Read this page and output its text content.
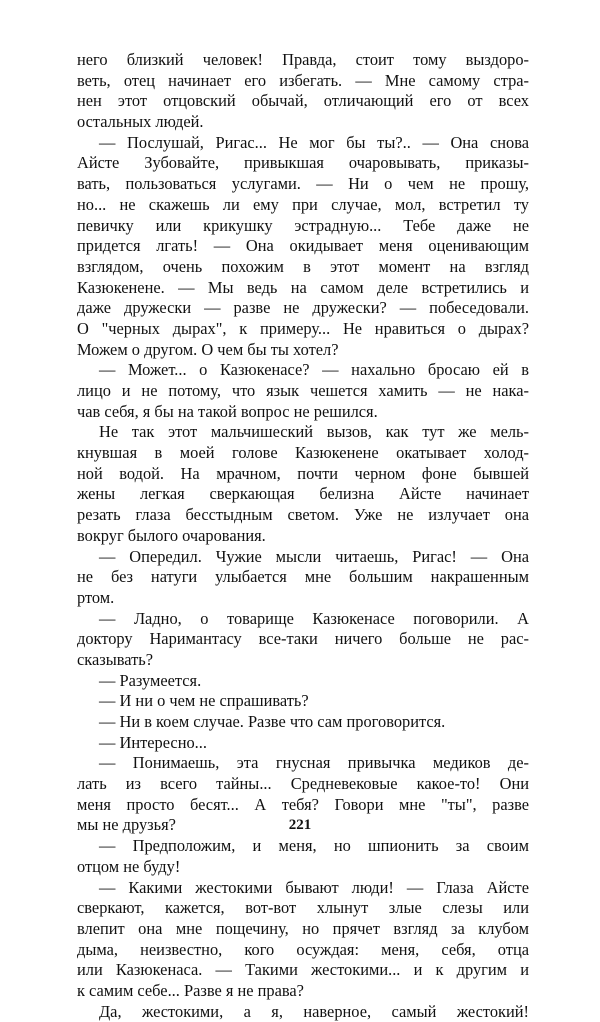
него близкий человек! Правда, стоит тому выздоро-
веть, отец начинает его избегать. — Мне самому стра-
нен этот отцовский обычай, отличающий его от всех
остальных людей.
— Послушай, Ригас... Не мог бы ты?.. — Она снова
Айсте Зубовайте, привыкшая очаровывать, приказы-
вать, пользоваться услугами. — Ни о чем не прошу,
но... не скажешь ли ему при случае, мол, встретил ту
певичку или крикушку эстрадную... Тебе даже не
придется лгать! — Она окидывает меня оценивающим
взглядом, очень похожим в этот момент на взгляд
Казюкенене. — Мы ведь на самом деле встретились и
даже дружески — разве не дружески? — побеседовали.
О "черных дырах", к примеру... Не нравиться о дырах?
Можем о другом. О чем бы ты хотел?
— Может... о Казюкенасе? — нахально бросаю ей в
лицо и не потому, что язык чешется хамить — не нака-
чав себя, я бы на такой вопрос не решился.
Не так этот мальчишеский вызов, как тут же мель-
кнувшая в моей голове Казюкенене окатывает холод-
ной водой. На мрачном, почти черном фоне бывшей
жены легкая сверкающая белизна Айсте начинает
резать глаза бесстыдным светом. Уже не излучает она
вокруг былого очарования.
— Опередил. Чужие мысли читаешь, Ригас! — Она
не без натуги улыбается мне большим накрашенным
ртом.
— Ладно, о товарище Казюкенасе поговорили. А
доктору Наримантасу все-таки ничего больше не рас-
сказывать?
— Разумеется.
— И ни о чем не спрашивать?
— Ни в коем случае. Разве что сам проговорится.
— Интересно...
— Понимаешь, эта гнусная привычка медиков де-
лать из всего тайны... Средневековые какое-то! Они
меня просто бесят... А тебя? Говори мне "ты", разве
мы не друзья?
— Предположим, и меня, но шпионить за своим
отцом не буду!
— Какими жестокими бывают люди! — Глаза Айсте
сверкают, кажется, вот-вот хлынут злые слезы или
влепит она мне пощечину, но прячет взгляд за клубом
дыма, неизвестно, кого осуждая: меня, себя, отца
или Казюкенаса. — Такими жестокими... и к другим и
к самим себе... Разве я не права?
Да, жестокими, а я, наверное, самый жестокий!
221
